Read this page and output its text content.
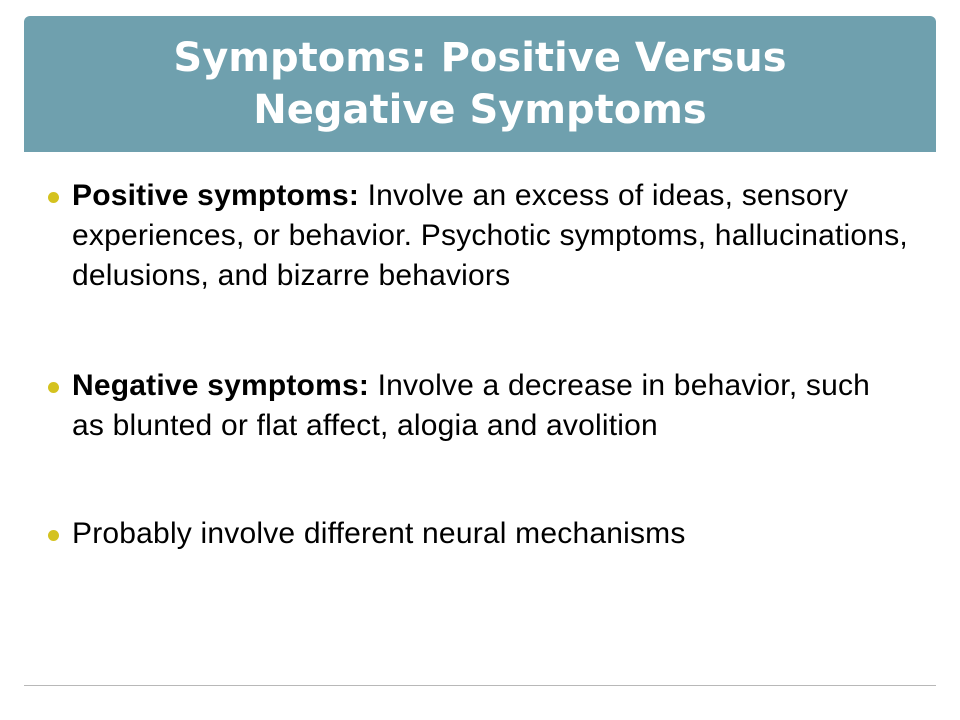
Symptoms: Positive Versus Negative Symptoms
Positive symptoms: Involve an excess of ideas, sensory experiences, or behavior. Psychotic symptoms, hallucinations, delusions, and bizarre behaviors
Negative symptoms: Involve a decrease in behavior, such as blunted or flat affect, alogia and avolition
Probably involve different neural mechanisms
